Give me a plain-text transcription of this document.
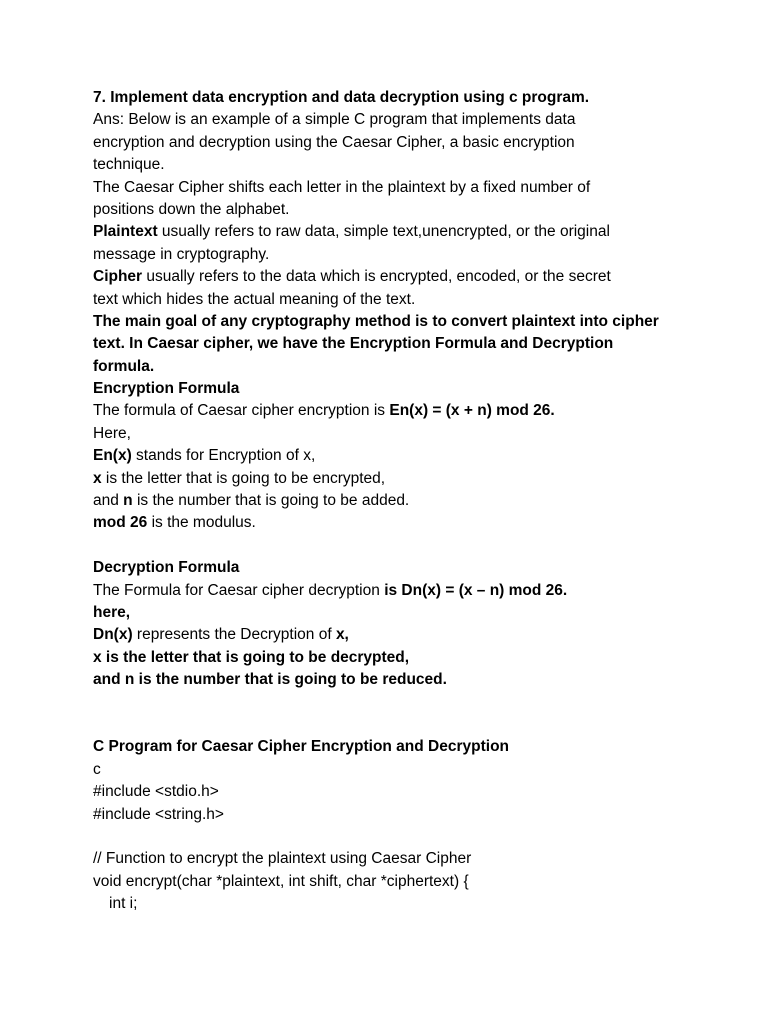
7. Implement data encryption and data decryption using c program.
Ans: Below is an example of a simple C program that implements data
encryption and decryption using the Caesar Cipher, a basic encryption
technique.
The Caesar Cipher shifts each letter in the plaintext by a fixed number of
positions down the alphabet.
Plaintext usually refers to raw data, simple text,unencrypted, or the original
message in cryptography.
Cipher usually refers to the data which is encrypted, encoded, or the secret
text which hides the actual meaning of the text.
The main goal of any cryptography method is to convert plaintext into cipher
text. In Caesar cipher, we have the Encryption Formula and Decryption
formula.
Encryption Formula
The formula of Caesar cipher encryption is En(x) = (x + n) mod 26.
Here,
En(x) stands for Encryption of x,
x is the letter that is going to be encrypted,
and n is the number that is going to be added.
mod 26 is the modulus.
Decryption Formula
The Formula for Caesar cipher decryption is Dn(x) = (x – n) mod 26.
here,
Dn(x) represents the Decryption of x,
x is the letter that is going to be decrypted,
and n is the number that is going to be reduced.
C Program for Caesar Cipher Encryption and Decryption
c
#include <stdio.h>
#include <string.h>
// Function to encrypt the plaintext using Caesar Cipher
void encrypt(char *plaintext, int shift, char *ciphertext) {
int i;
